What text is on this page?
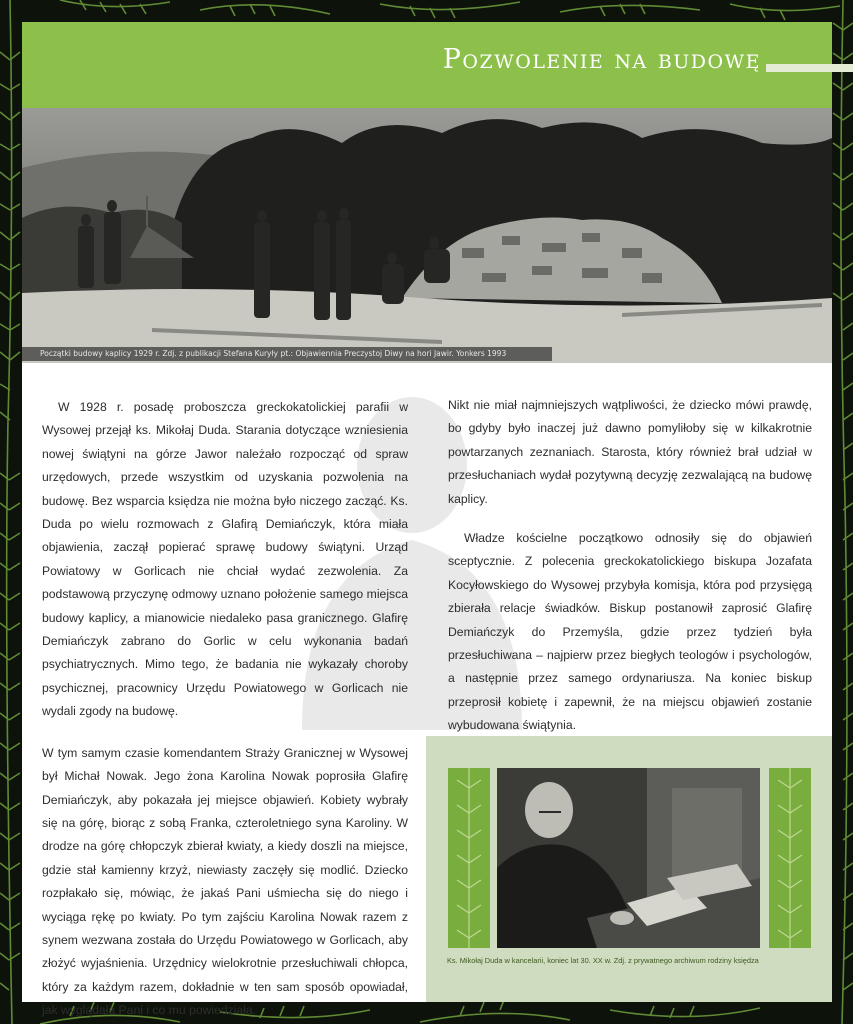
Pozwolenie na budowę
Początki budowy kaplicy 1929 r. Zdj. z publikacji Stefana Kuryły pt.: Objawiennia Preczystoj Diwy na hori Jawir. Yonkers 1993

W 1928 r. posadę proboszcza greckokatolickiej parafii w Wysowej przejął ks. Mikołaj Duda. Starania dotyczące wzniesienia nowej świątyni na górze Jawor należało rozpocząć od spraw urzędowych, przede wszystkim od uzyskania pozwolenia na budowę. Bez wsparcia księdza nie można było niczego zacząć. Ks. Duda po wielu rozmowach z Glafirą Demiańczyk, która miała objawienia, zaczął popierać sprawę budowy świątyni. Urząd Powiatowy w Gorlicach nie chciał wydać zezwolenia. Za podstawową przyczynę odmowy uznano położenie samego miejsca budowy kaplicy, a mianowicie niedaleko pasa granicznego. Glafirę Demiańczyk zabrano do Gorlic w celu wykonania badań psychiatrycznych. Mimo tego, że badania nie wykazały choroby psychicznej, pracownicy Urzędu Powiatowego w Gorlicach nie wydali zgody na budowę.

W tym samym czasie komendantem Straży Granicznej w Wysowej był Michał Nowak. Jego żona Karolina Nowak poprosiła Glafirę Demiańczyk, aby pokazała jej miejsce objawień. Kobiety wybrały się na górę, biorąc z sobą Franka, czteroletniego syna Karoliny. W drodze na górę chłopczyk zbierał kwiaty, a kiedy doszli na miejsce, gdzie stał kamienny krzyż, niewiasty zaczęły się modlić. Dziecko rozpłakało się, mówiąc, że jakaś Pani uśmiecha się do niego i wyciąga rękę po kwiaty. Po tym zajściu Karolina Nowak razem z synem wezwana została do Urzędu Powiatowego w Gorlicach, aby złożyć wyjaśnienia. Urzędnicy wielokrotnie przesłuchiwali chłopca, który za każdym razem, dokładnie w ten sam sposób opowiadał, jak wyglądała Pani i co mu powiedziała.

Nikt nie miał najmniejszych wątpliwości, że dziecko mówi prawdę, bo gdyby było inaczej już dawno pomyliłoby się w kilkakrotnie powtarzanych zeznaniach. Starosta, który również brał udział w przesłuchaniach wydał pozytywną decyzję zezwalającą na budowę kaplicy.

Władze kościelne początkowo odnosiły się do objawień sceptycznie. Z polecenia greckokatolickiego biskupa Jozafata Kocyłowskiego do Wysowej przybyła komisja, która pod przysięgą zbierała relacje świadków. Biskup postanowił zaprosić Glafirę Demiańczyk do Przemyśla, gdzie przez tydzień była przesłuchiwana – najpierw przez biegłych teologów i psychologów, a następnie przez samego ordynariusza. Na koniec biskup przeprosił kobietę i zapewnił, że na miejscu objawień zostanie wybudowana świątynia.

Ks. Mikołaj Duda w kancelarii, koniec lat 30. XX w. Zdj. z prywatnego archiwum rodziny księdza
